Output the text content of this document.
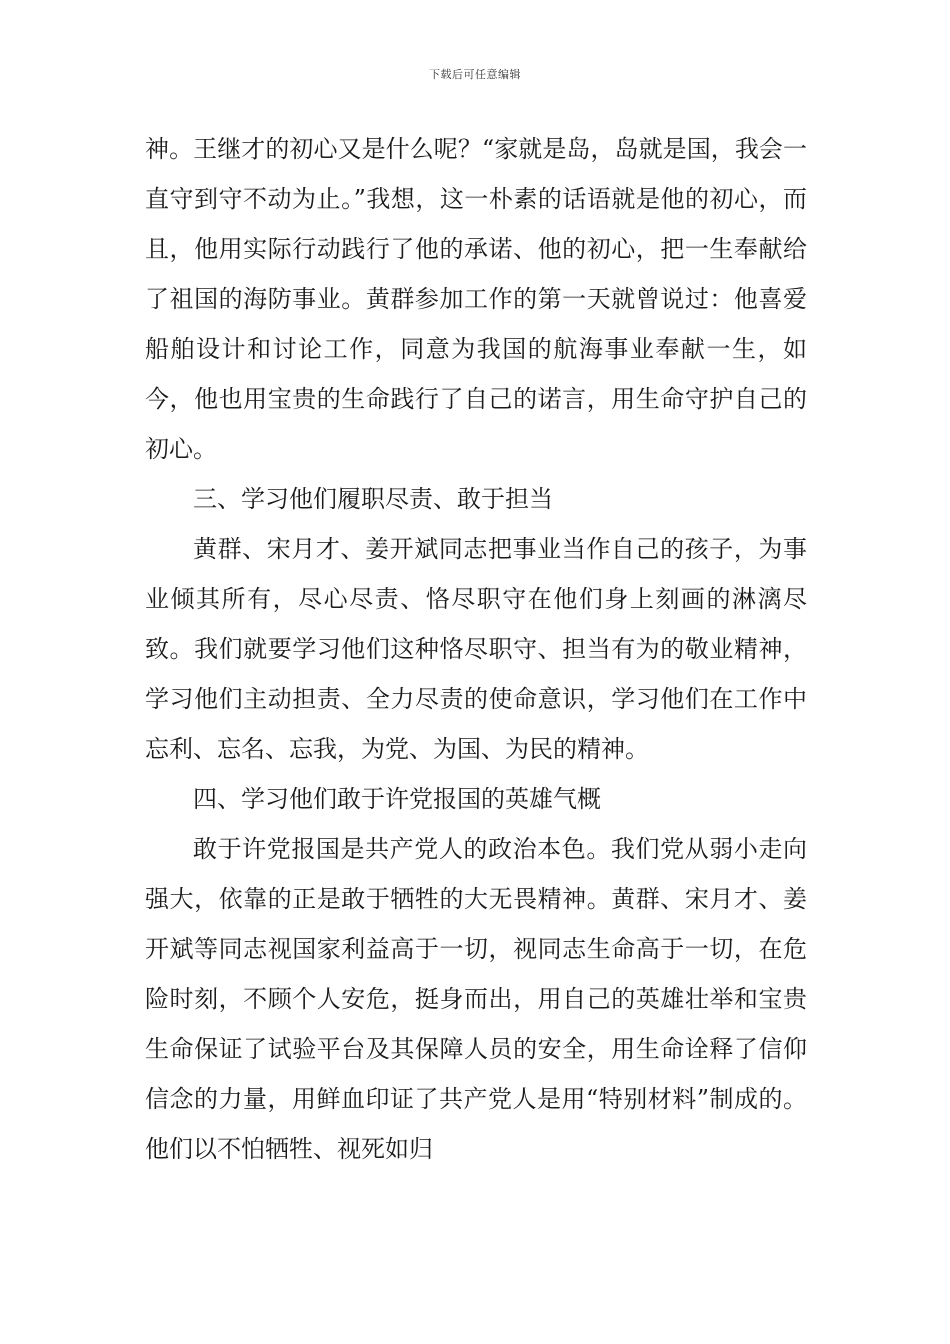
下载后可任意编辑

神。王继才的初心又是什么呢？“家就是岛，岛就是国，我会一直守到守不动为止。”我想，这一朴素的话语就是他的初心，而且，他用实际行动践行了他的承诺、他的初心，把一生奉献给了祖国的海防事业。黄群参加工作的第一天就曾说过：他喜爱船舶设计和讨论工作，同意为我国的航海事业奉献一生，如今，他也用宝贵的生命践行了自己的诺言，用生命守护自己的初心。

三、学习他们履职尽责、敢于担当

黄群、宋月才、姜开斌同志把事业当作自己的孩子，为事业倾其所有，尽心尽责、恪尽职守在他们身上刻画的淋漓尽致。我们就要学习他们这种恪尽职守、担当有为的敬业精神，学习他们主动担责、全力尽责的使命意识，学习他们在工作中忘利、忘名、忘我，为党、为国、为民的精神。

四、学习他们敢于许党报国的英雄气概

敢于许党报国是共产党人的政治本色。我们党从弱小走向强大，依靠的正是敢于牺牲的大无畏精神。黄群、宋月才、姜开斌等同志视国家利益高于一切，视同志生命高于一切，在危险时刻，不顾个人安危，挺身而出，用自己的英雄壮举和宝贵生命保证了试验平台及其保障人员的安全，用生命诠释了信仰信念的力量，用鲜血印证了共产党人是用“特别材料”制成的。他们以不怕牺牲、视死如归
